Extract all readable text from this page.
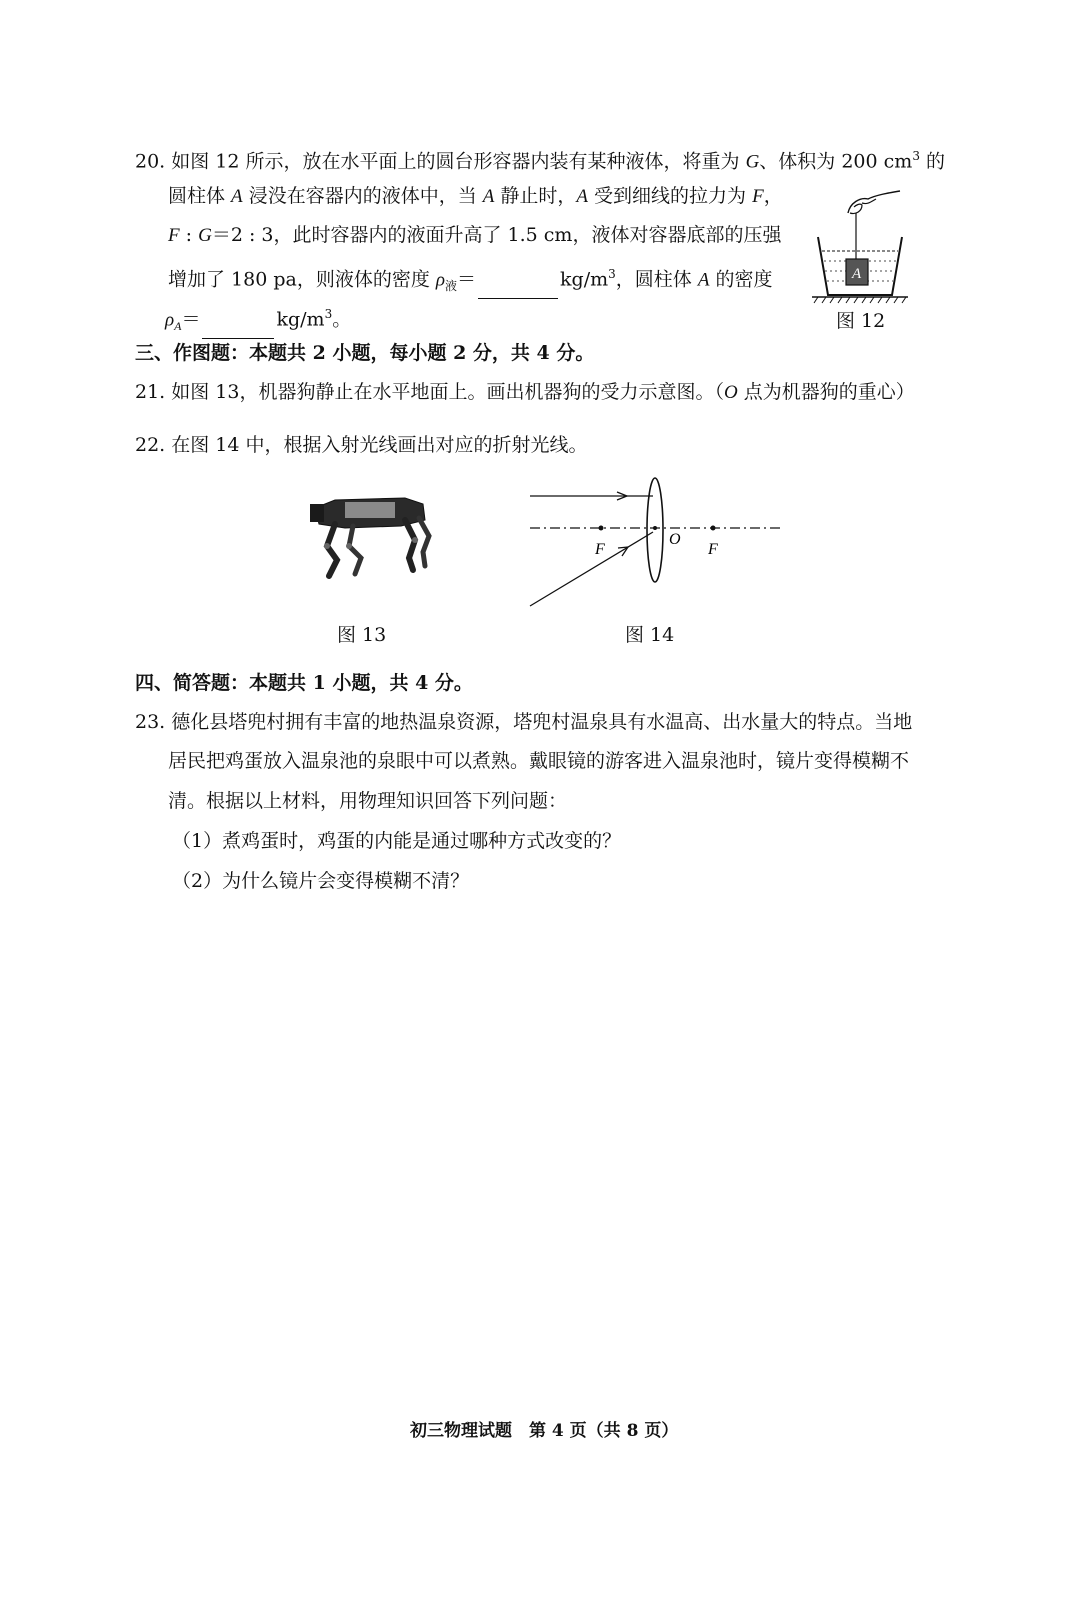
20. 如图 12 所示，放在水平面上的圆台形容器内装有某种液体，将重为 G、体积为 200 $cm^3$ 的
圆柱体 A 浸没在容器内的液体中，当 A 静止时，A 受到细线的拉力为 F，
F : G＝2 : 3，此时容器内的液面升高了 1.5 cm，液体对容器底部的压强
增加了 180 pa，则液体的密度 $\rho_液=$	$kg/m^3$，圆柱体 A 的密度
$\rho_A=$	$kg/m^3$。
A
图 12
三、作图题：本题共 2 小题，每小题 2 分，共 4 分。
21. 如图 13，机器狗静止在水平地面上。画出机器狗的受力示意图。（O 点为机器狗的重心）
22. 在图 14 中，根据入射光线画出对应的折射光线。
图 13
F
O
F
图 14
四、简答题：本题共 1 小题，共 4 分。
23. 德化县塔兜村拥有丰富的地热温泉资源，塔兜村温泉具有水温高、出水量大的特点。当地
居民把鸡蛋放入温泉池的泉眼中可以煮熟。戴眼镜的游客进入温泉池时，镜片变得模糊不
清。根据以上材料，用物理知识回答下列问题：
（1）煮鸡蛋时，鸡蛋的内能是通过哪种方式改变的？
（2）为什么镜片会变得模糊不清？
初三物理试题　第 4 页（共 8 页）
